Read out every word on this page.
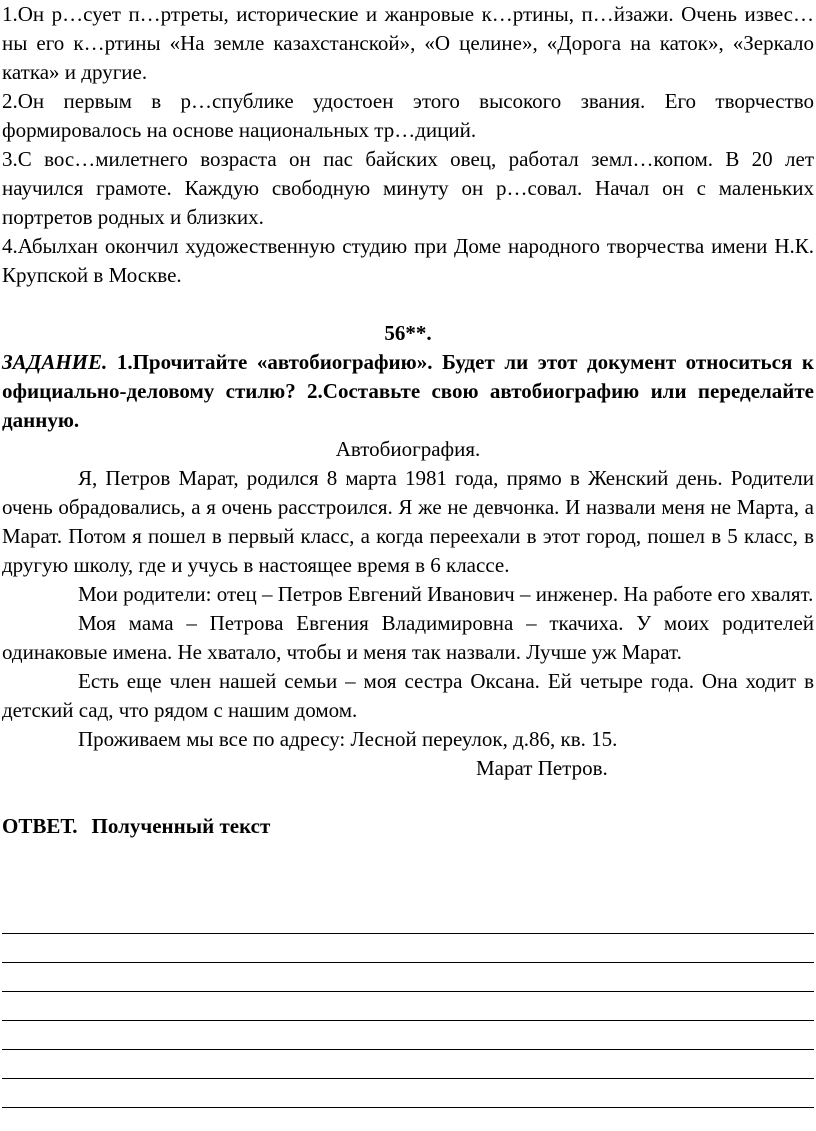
1.Он р…сует п…ртреты, исторические и жанровые к…ртины, п…йзажи. Очень извес…ны его к…ртины «На земле казахстанской», «О целине», «Дорога на каток», «Зеркало катка» и другие.
2.Он первым в р…спублике удостоен этого высокого звания. Его творчество формировалось на основе национальных тр…диций.
3.С вос…милетнего возраста он пас байских овец, работал земл…копом. В 20 лет научился грамоте. Каждую свободную минуту он р…совал. Начал он с маленьких портретов родных и близких.
4.Абылхан окончил художественную студию при Доме народного творчества имени Н.К. Крупской в Москве.
56**.
ЗАДАНИЕ. 1.Прочитайте «автобиографию». Будет ли этот документ относиться к официально-деловому стилю? 2.Составьте свою автобиографию или переделайте данную.
Автобиография.
Я, Петров Марат, родился 8 марта 1981 года, прямо в Женский день. Родители очень обрадовались, а я очень расстроился. Я же не девчонка. И назвали меня не Марта, а Марат. Потом я пошел в первый класс, а когда переехали в этот город, пошел в 5 класс, в другую школу, где и учусь в настоящее время в 6 классе.
Мои родители: отец – Петров Евгений Иванович – инженер. На работе его хвалят.
Моя мама – Петрова Евгения Владимировна – ткачиха. У моих родителей одинаковые имена. Не хватало, чтобы и меня так назвали. Лучше уж Марат.
Есть еще член нашей семьи – моя сестра Оксана. Ей четыре года. Она ходит в детский сад, что рядом с нашим домом.
Проживаем мы все по адресу: Лесной переулок, д.86, кв. 15.
Марат Петров.
ОТВЕТ. Полученный текст
